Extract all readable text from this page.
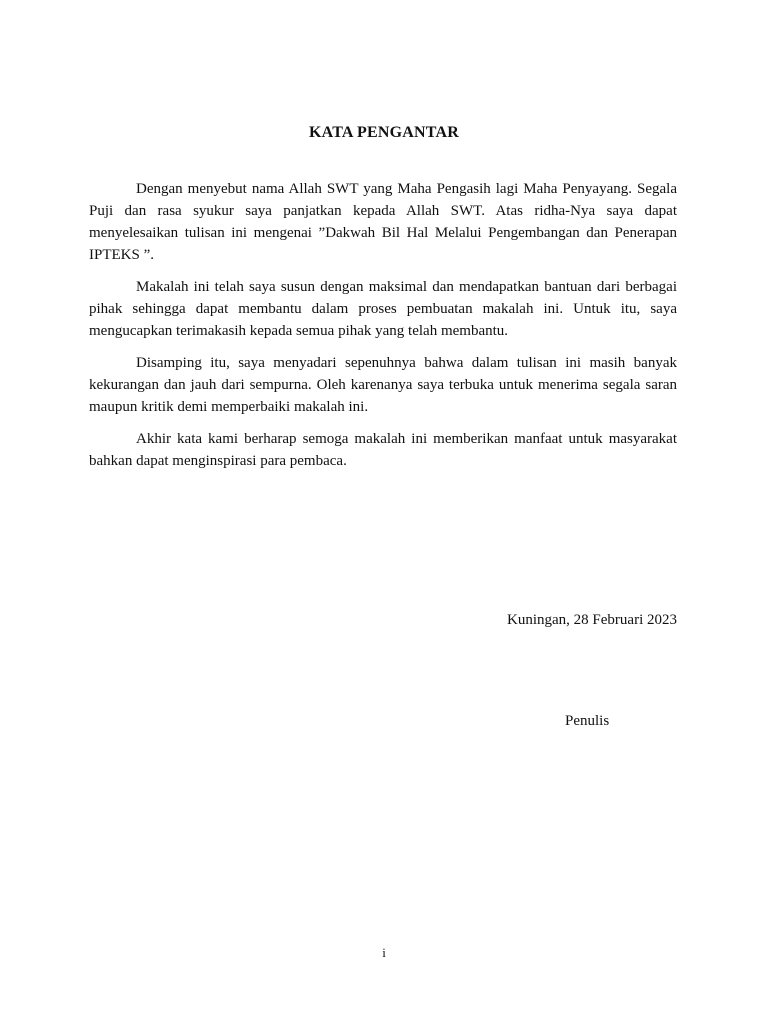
KATA PENGANTAR

Dengan menyebut nama Allah SWT yang Maha Pengasih lagi Maha Penyayang. Segala Puji dan rasa syukur saya panjatkan kepada Allah SWT. Atas ridha-Nya saya dapat menyelesaikan tulisan ini mengenai ”Dakwah Bil Hal Melalui Pengembangan dan Penerapan IPTEKS ”.

Makalah ini telah saya susun dengan maksimal dan mendapatkan bantuan dari berbagai pihak sehingga dapat membantu dalam proses pembuatan makalah ini. Untuk itu, saya mengucapkan terimakasih kepada semua pihak yang telah membantu.

Disamping itu, saya menyadari sepenuhnya bahwa dalam tulisan ini masih banyak kekurangan dan jauh dari sempurna. Oleh karenanya saya terbuka untuk menerima segala saran maupun kritik demi memperbaiki makalah ini.

Akhir kata kami berharap semoga makalah ini memberikan manfaat untuk masyarakat bahkan dapat menginspirasi para pembaca.

Kuningan, 28 Februari 2023
Penulis
i
